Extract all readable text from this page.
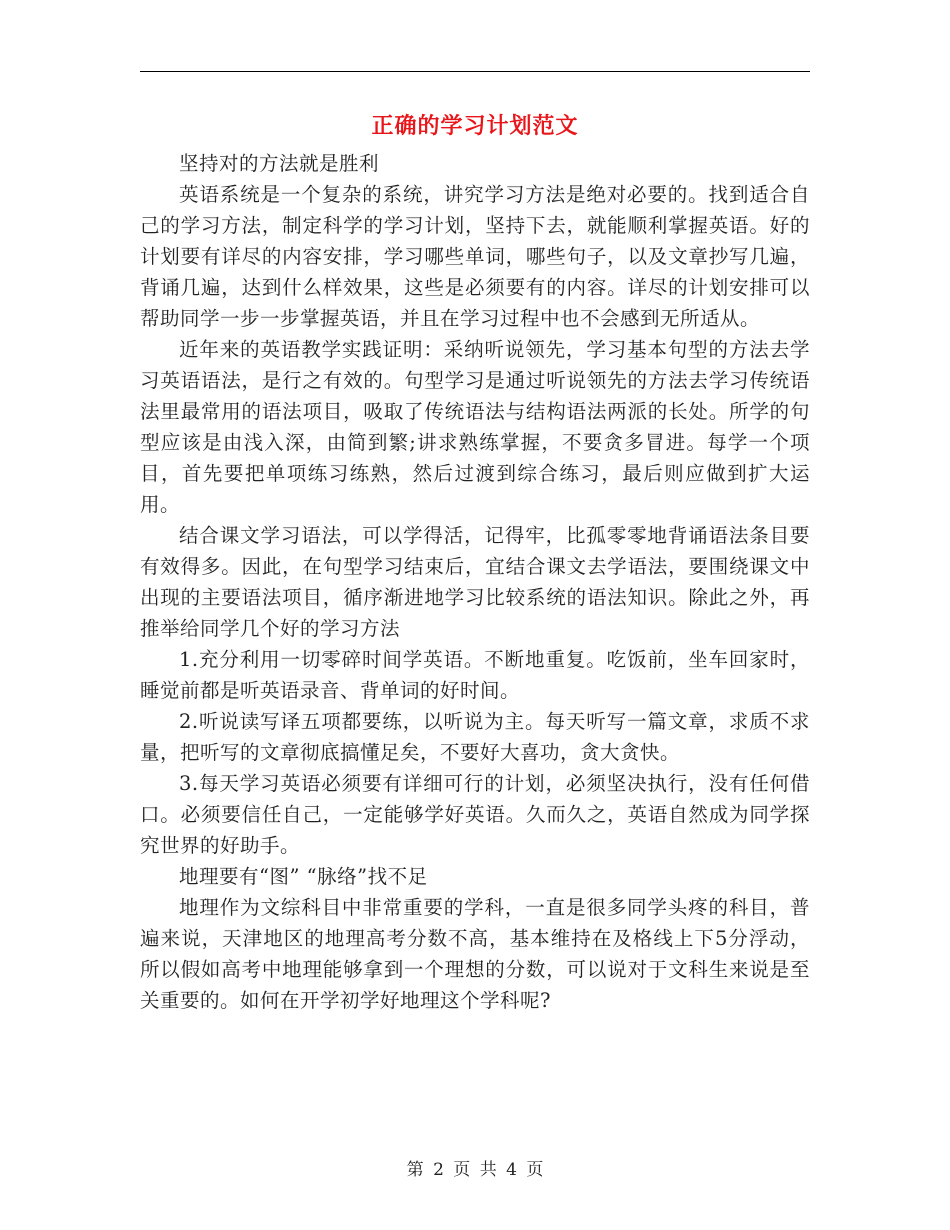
正确的学习计划范文

坚持对的方法就是胜利

英语系统是一个复杂的系统，讲究学习方法是绝对必要的。找到适合自己的学习方法，制定科学的学习计划，坚持下去，就能顺利掌握英语。好的计划要有详尽的内容安排，学习哪些单词，哪些句子，以及文章抄写几遍，背诵几遍，达到什么样效果，这些是必须要有的内容。详尽的计划安排可以帮助同学一步一步掌握英语，并且在学习过程中也不会感到无所适从。

近年来的英语教学实践证明：采纳听说领先，学习基本句型的方法去学习英语语法，是行之有效的。句型学习是通过听说领先的方法去学习传统语法里最常用的语法项目，吸取了传统语法与结构语法两派的长处。所学的句型应该是由浅入深，由简到繁;讲求熟练掌握，不要贪多冒进。每学一个项目，首先要把单项练习练熟，然后过渡到综合练习，最后则应做到扩大运用。

结合课文学习语法，可以学得活，记得牢，比孤零零地背诵语法条目要有效得多。因此，在句型学习结束后，宜结合课文去学语法，要围绕课文中出现的主要语法项目，循序渐进地学习比较系统的语法知识。除此之外，再推举给同学几个好的学习方法

1.充分利用一切零碎时间学英语。不断地重复。吃饭前，坐车回家时，睡觉前都是听英语录音、背单词的好时间。

2.听说读写译五项都要练，以听说为主。每天听写一篇文章，求质不求量，把听写的文章彻底搞懂足矣，不要好大喜功，贪大贪快。

3.每天学习英语必须要有详细可行的计划，必须坚决执行，没有任何借口。必须要信任自己，一定能够学好英语。久而久之，英语自然成为同学探究世界的好助手。

地理要有“图” “脉络”找不足

地理作为文综科目中非常重要的学科，一直是很多同学头疼的科目，普遍来说，天津地区的地理高考分数不高，基本维持在及格线上下5分浮动，所以假如高考中地理能够拿到一个理想的分数，可以说对于文科生来说是至关重要的。如何在开学初学好地理这个学科呢?

第 2 页 共 4 页
